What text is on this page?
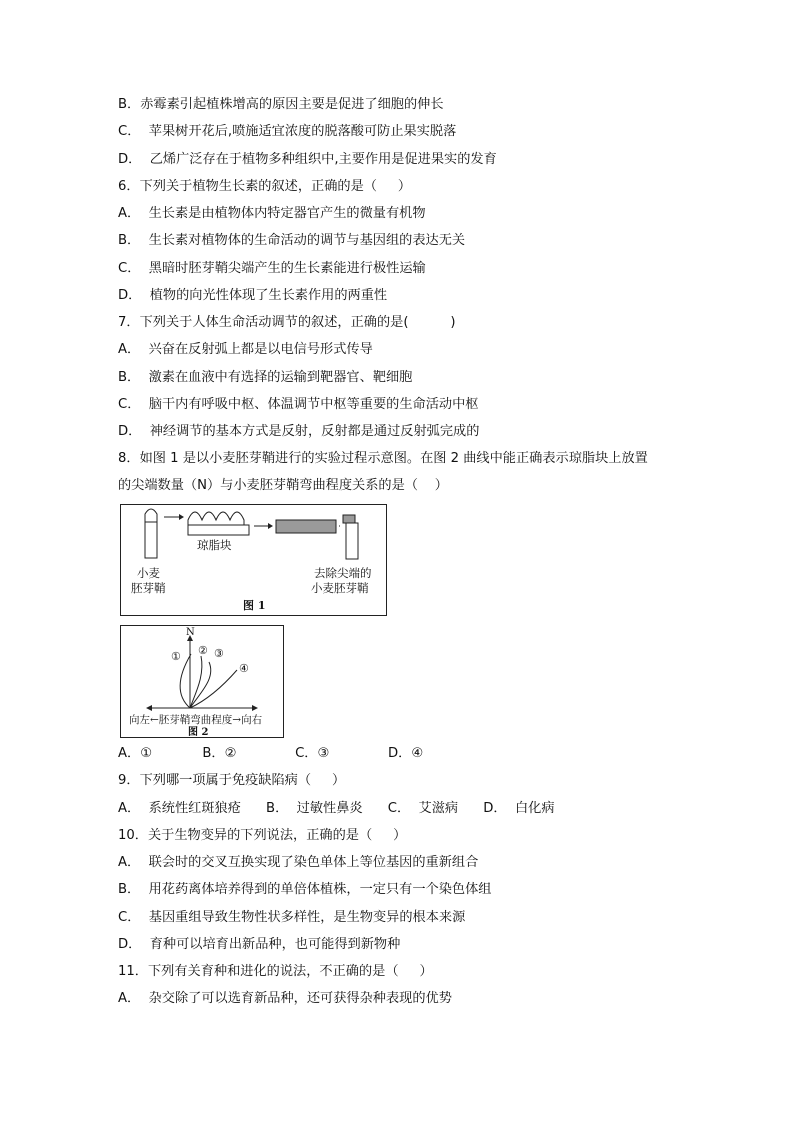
B．赤霉素引起植株增高的原因主要是促进了细胞的伸长
C．  苹果树开花后,喷施适宜浓度的脱落酸可防止果实脱落
D．  乙烯广泛存在于植物多种组织中,主要作用是促进果实的发育
6．下列关于植物生长素的叙述，正确的是（     ）
A．  生长素是由植物体内特定器官产生的微量有机物
B．  生长素对植物体的生命活动的调节与基因组的表达无关
C．  黑暗时胚芽鞘尖端产生的生长素能进行极性运输
D．  植物的向光性体现了生长素作用的两重性
7．下列关于人体生命活动调节的叙述，正确的是(          )
A．  兴奋在反射弧上都是以电信号形式传导
B．  激素在血液中有选择的运输到靶器官、靶细胞
C．  脑干内有呼吸中枢、体温调节中枢等重要的生命活动中枢
D．  神经调节的基本方式是反射，反射都是通过反射弧完成的
8．如图 1 是以小麦胚芽鞘进行的实验过程示意图。在图 2 曲线中能正确表示琼脂块上放置
的尖端数量（N）与小麦胚芽鞘弯曲程度关系的是（    ）
琼脂块
小麦
胚芽鞘
去除尖端的
小麦胚芽鞘
图 1
N
① ② ③
④
向左←胚芽鞘弯曲程度→向右
图 2
A．①            B．②              C．③              D．④
9．下列哪一项属于免疫缺陷病（     ）
A．  系统性红斑狼疮      B．  过敏性鼻炎      C．  艾滋病      D．  白化病
10．关于生物变异的下列说法，正确的是（     ）
A．  联会时的交叉互换实现了染色单体上等位基因的重新组合
B．  用花药离体培养得到的单倍体植株，一定只有一个染色体组
C．  基因重组导致生物性状多样性，是生物变异的根本来源
D．  育种可以培育出新品种，也可能得到新物种
11．下列有关育种和进化的说法，不正确的是（     ）
A．  杂交除了可以选育新品种，还可获得杂种表现的优势
